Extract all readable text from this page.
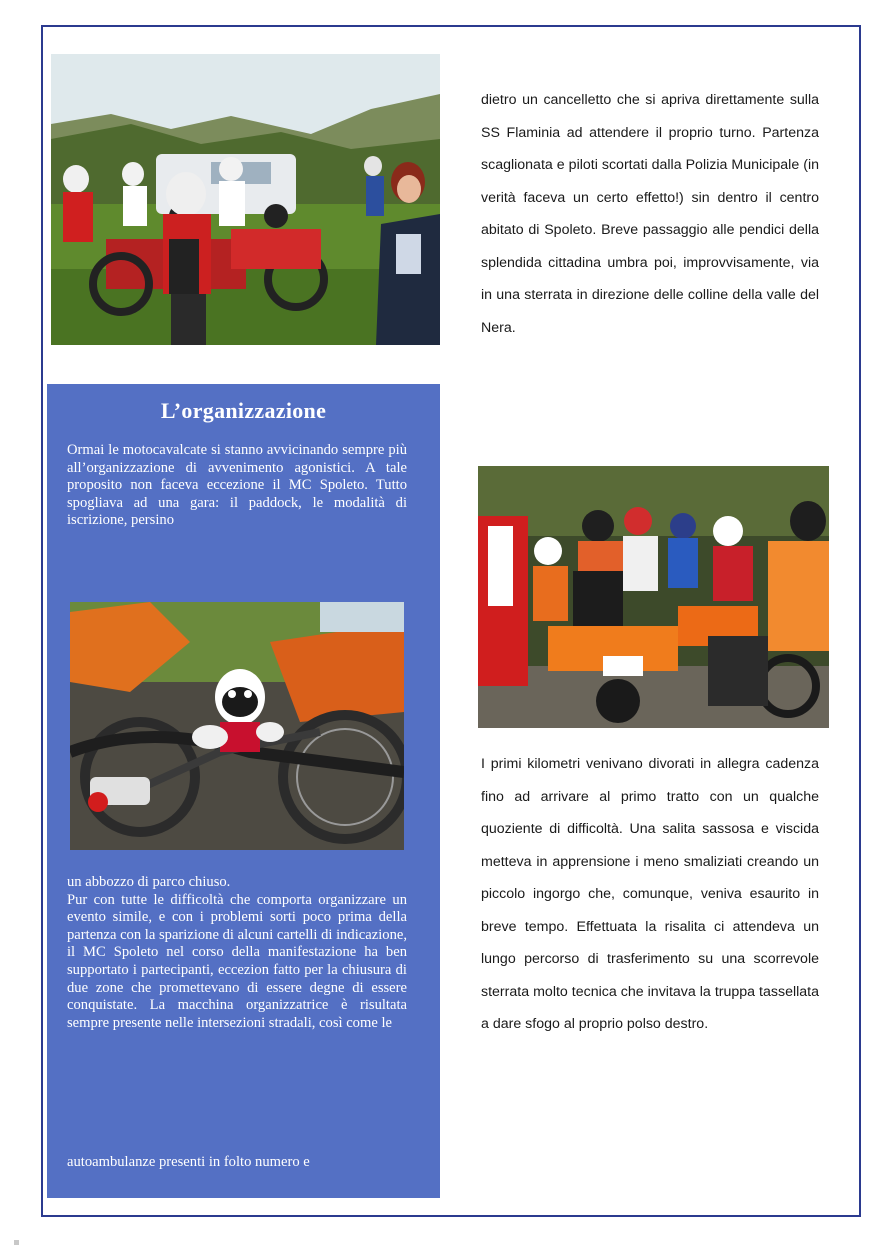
L’organizzazione
Ormai le motocavalcate si stanno avvicinando sempre più all’organizzazione di avvenimento agonistici. A tale proposito non faceva eccezione il MC Spoleto. Tutto spogliava ad una gara: il paddock, le modalità di iscrizione, persino

un abbozzo di parco chiuso.

Pur con tutte le difficoltà che comporta organizzare un evento simile, e con i problemi sorti poco prima della partenza con la sparizione di alcuni cartelli di indicazione, il MC Spoleto nel corso della manifestazione ha ben supportato i partecipanti, eccezion fatto per la chiusura di due zone che promettevano di essere degne di essere conquistate. La macchina organizzatrice è risultata sempre presente nelle intersezioni stradali, così come le

autoambulanze presenti in folto numero e
dietro un cancelletto che si apriva direttamente sulla SS Flaminia ad attendere il proprio turno. Partenza scaglionata e piloti scortati dalla Polizia Municipale (in verità faceva un certo effetto!) sin dentro il centro abitato di Spoleto. Breve passaggio alle pendici della splendida cittadina umbra poi, improvvisamente, via in una sterrata in direzione delle colline della valle del Nera.
I primi kilometri venivano divorati in allegra cadenza fino ad arrivare al primo tratto con un qualche quoziente di difficoltà. Una salita sassosa e viscida metteva in apprensione i meno smaliziati creando un piccolo ingorgo che, comunque, veniva esaurito in breve tempo. Effettuata la risalita ci attendeva un lungo percorso di trasferimento su una scorrevole sterrata molto tecnica che invitava la truppa tassellata a dare sfogo al proprio polso destro.
